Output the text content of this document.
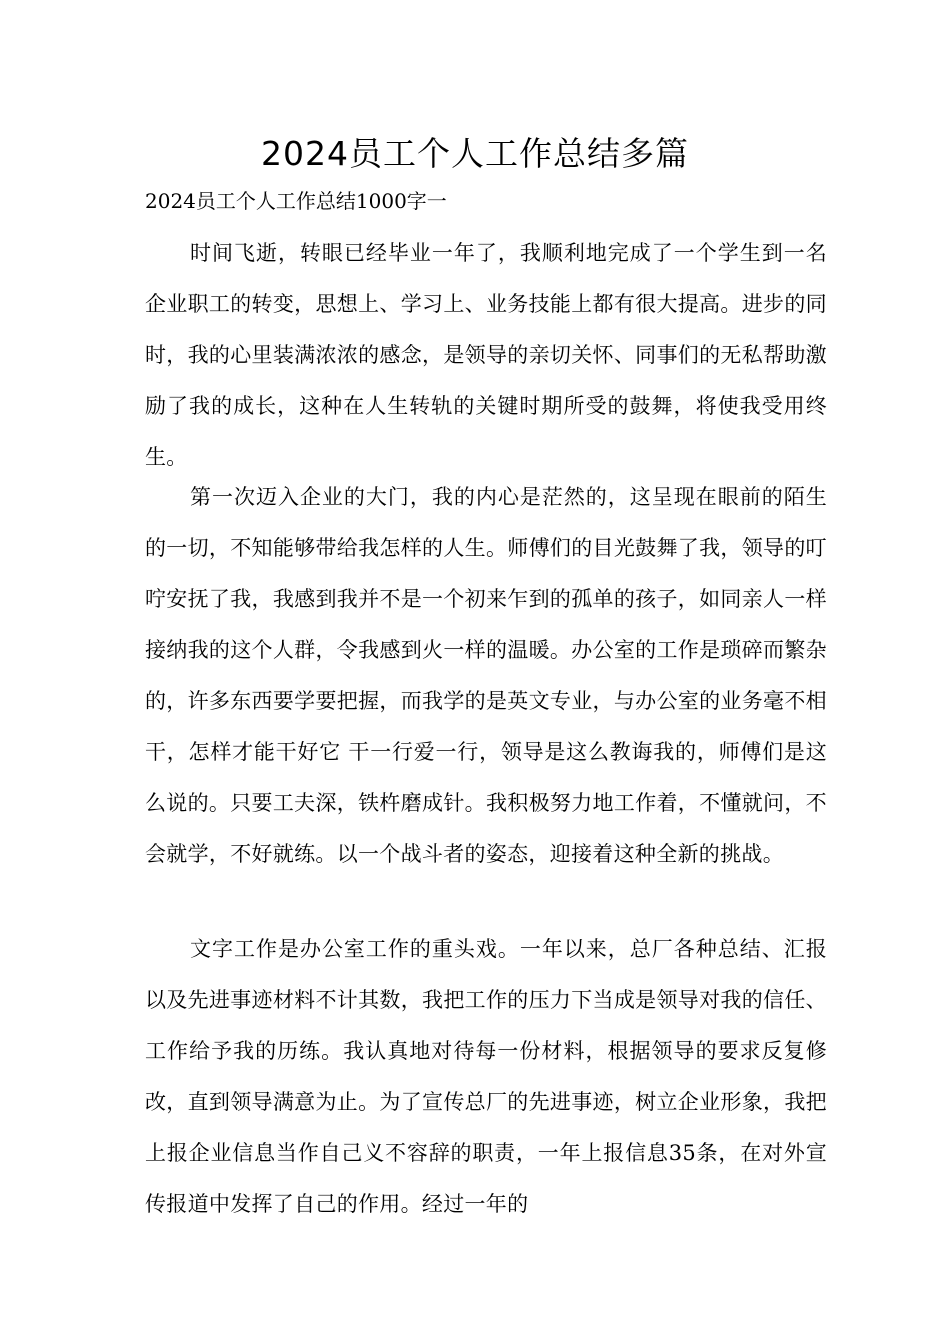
2024员工个人工作总结多篇

2024员工个人工作总结1000字一

时间飞逝，转眼已经毕业一年了，我顺利地完成了一个学生到一名企业职工的转变，思想上、学习上、业务技能上都有很大提高。进步的同时，我的心里装满浓浓的感念，是领导的亲切关怀、同事们的无私帮助激励了我的成长，这种在人生转轨的关键时期所受的鼓舞，将使我受用终生。

第一次迈入企业的大门，我的内心是茫然的，这呈现在眼前的陌生的一切，不知能够带给我怎样的人生。师傅们的目光鼓舞了我，领导的叮咛安抚了我，我感到我并不是一个初来乍到的孤单的孩子，如同亲人一样接纳我的这个人群，令我感到火一样的温暖。办公室的工作是琐碎而繁杂的，许多东西要学要把握，而我学的是英文专业，与办公室的业务毫不相干，怎样才能干好它 干一行爱一行，领导是这么教诲我的，师傅们是这么说的。只要工夫深，铁杵磨成针。我积极努力地工作着，不懂就问，不会就学，不好就练。以一个战斗者的姿态，迎接着这种全新的挑战。

文字工作是办公室工作的重头戏。一年以来，总厂各种总结、汇报以及先进事迹材料不计其数，我把工作的压力下当成是领导对我的信任、工作给予我的历练。我认真地对待每一份材料，根据领导的要求反复修改，直到领导满意为止。为了宣传总厂的先进事迹，树立企业形象，我把上报企业信息当作自己义不容辞的职责，一年上报信息35条，在对外宣传报道中发挥了自己的作用。经过一年的
